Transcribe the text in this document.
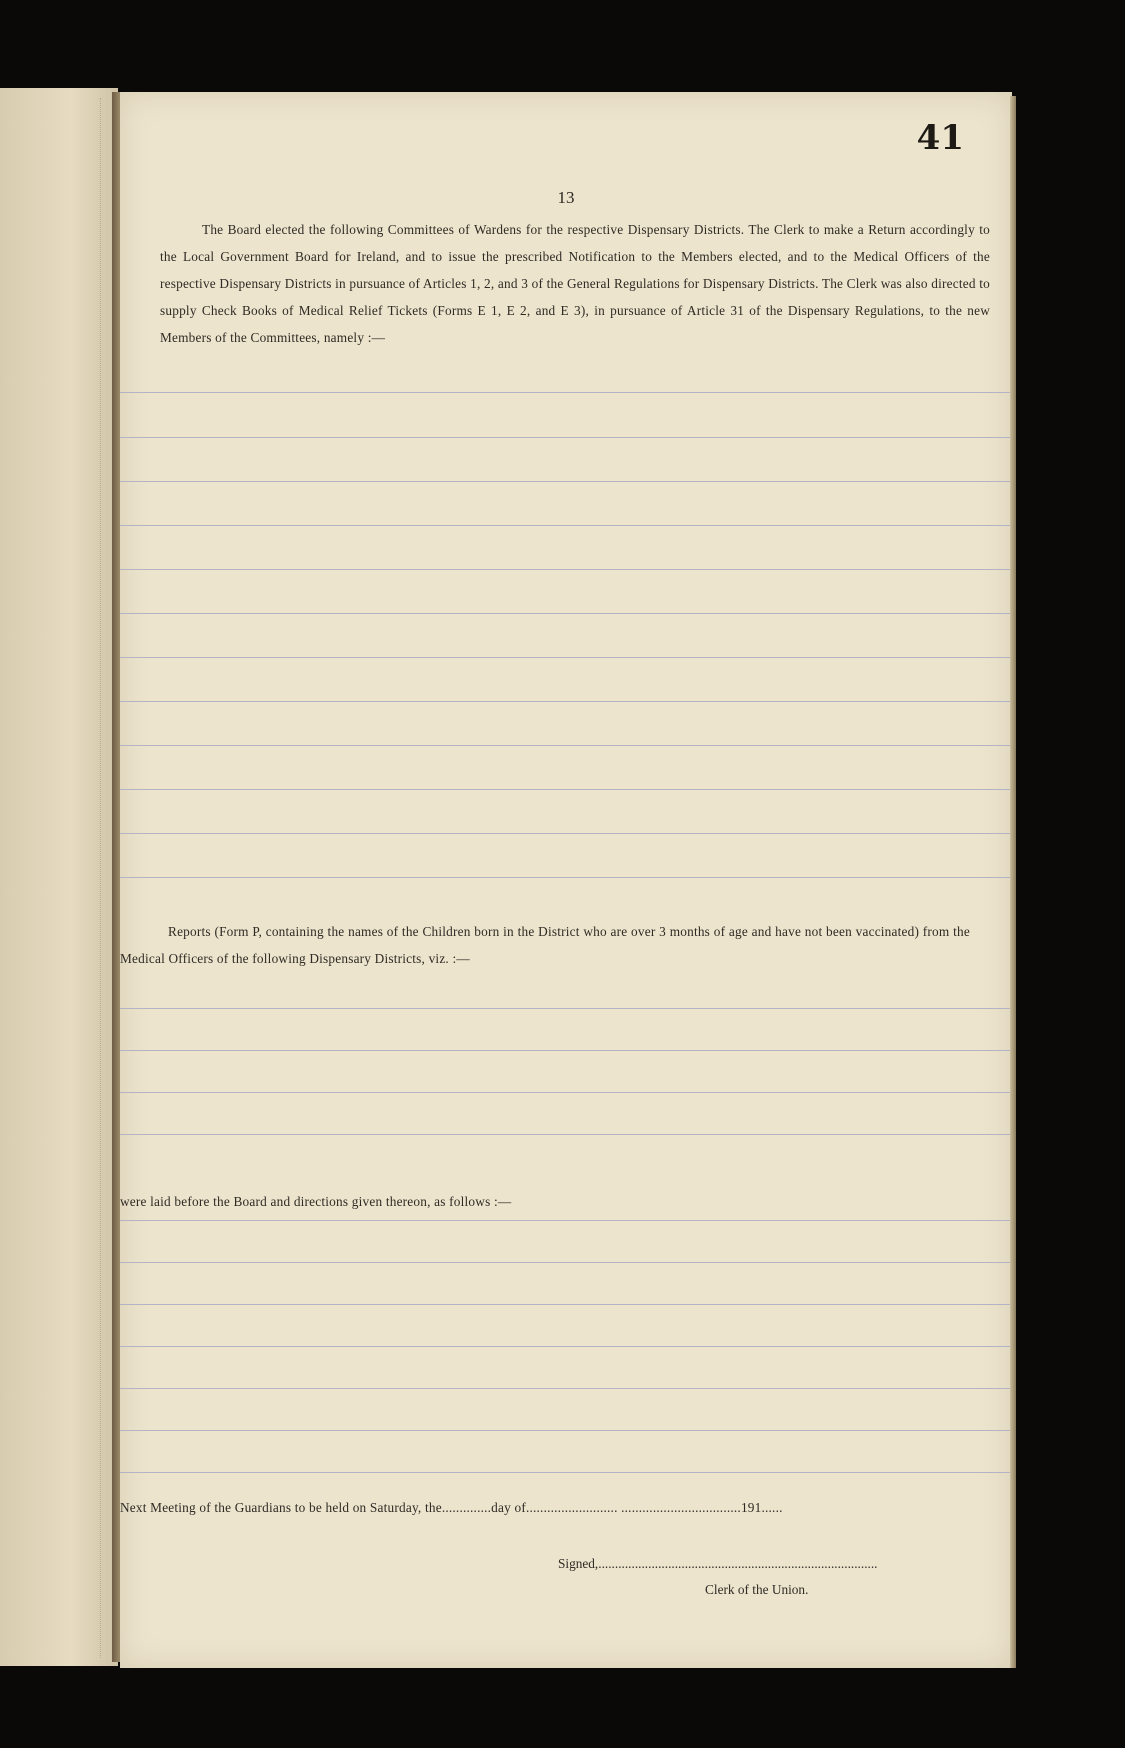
41
13
The Board elected the following Committees of Wardens for the respective Dispensary Districts. The Clerk to make a Return accordingly to the Local Government Board for Ireland, and to issue the prescribed Notification to the Members elected, and to the Medical Officers of the respective Dispensary Districts in pursuance of Articles 1, 2, and 3 of the General Regulations for Dispensary Districts. The Clerk was also directed to supply Check Books of Medical Relief Tickets (Forms E 1, E 2, and E 3), in pursuance of Article 31 of the Dispensary Regulations, to the new Members of the Committees, namely :—
Reports (Form P, containing the names of the Children born in the District who are over 3 months of age and have not been vaccinated) from the Medical Officers of the following Dispensary Districts, viz. :—
were laid before the Board and directions given thereon, as follows :—
Next Meeting of the Guardians to be held on Saturday, the..............day of.......................... ..................................191......
Signed,....................................................................................
Clerk of the Union.
